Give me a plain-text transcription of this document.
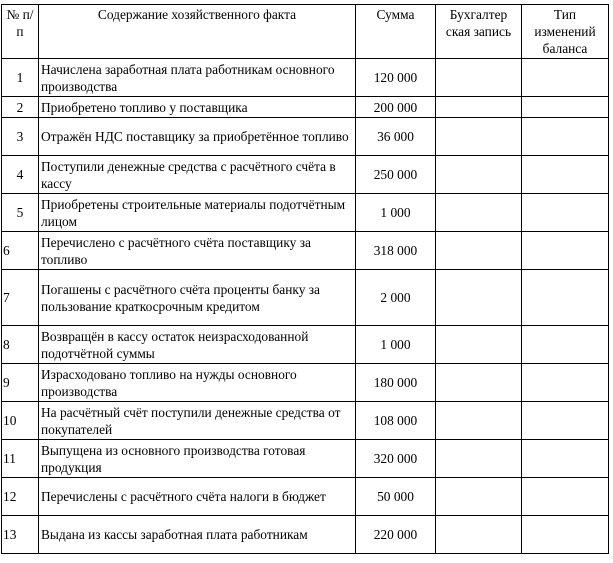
№ п/п	Содержание хозяйственного факта	Сумма	Бухгалтер ская запись	Тип изменений баланса
1	Начислена заработная плата работникам основного производства	120 000		
2	Приобретено топливо у поставщика	200 000		
3	Отражён НДС поставщику за приобретённое топливо	36 000		
4	Поступили денежные средства с расчётного счёта в кассу	250 000		
5	Приобретены строительные материалы подотчётным лицом	1 000		
6	Перечислено с расчётного счёта поставщику за топливо	318 000		
7	Погашены с расчётного счёта проценты банку за пользование краткосрочным кредитом	2 000		
8	Возвращён в кассу остаток неизрасходованной подотчётной суммы	1 000		
9	Израсходовано топливо на нужды основного производства	180 000		
10	На расчётный счёт поступили денежные средства от покупателей	108 000		
11	Выпущена из основного производства готовая продукция	320 000		
12	Перечислены с расчётного счёта налоги в бюджет	50 000		
13	Выдана из кассы заработная плата работникам	220 000		
